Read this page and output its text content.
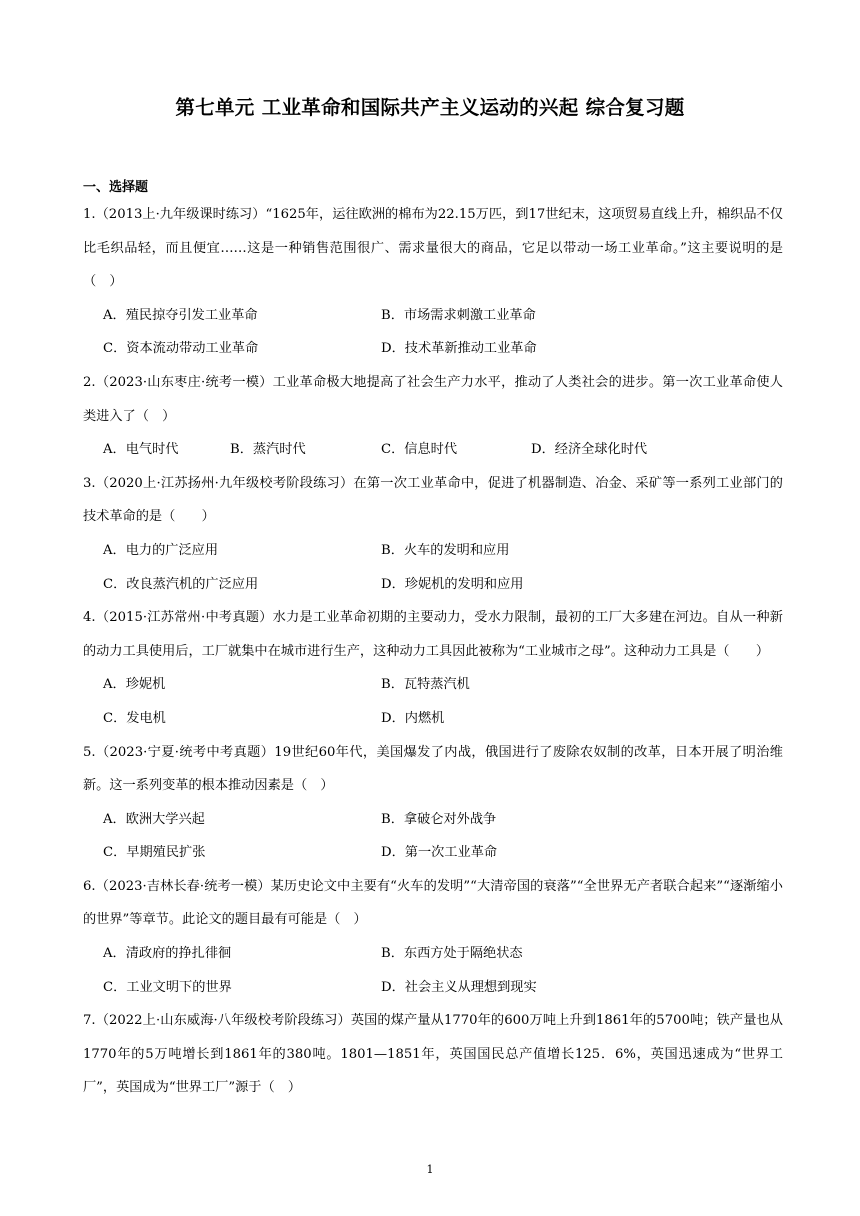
第七单元 工业革命和国际共产主义运动的兴起 综合复习题
一、选择题

1.（2013上·九年级课时练习）“1625年，运往欧洲的棉布为22.15万匹，到17世纪末，这项贸易直线上升，棉织品不仅比毛织品轻，而且便宜……这是一种销售范围很广、需求量很大的商品，它足以带动一场工业革命。”这主要说明的是（　）

A．殖民掠夺引发工业革命	B．市场需求刺激工业革命
C．资本流动带动工业革命	D．技术革新推动工业革命

2.（2023·山东枣庄·统考一模）工业革命极大地提高了社会生产力水平，推动了人类社会的进步。第一次工业革命使人类进入了（　）

A．电气时代	B．蒸汽时代	C．信息时代	D．经济全球化时代

3.（2020上·江苏扬州·九年级校考阶段练习）在第一次工业革命中，促进了机器制造、冶金、采矿等一系列工业部门的技术革命的是（　　）

A．电力的广泛应用	B．火车的发明和应用
C．改良蒸汽机的广泛应用	D．珍妮机的发明和应用

4.（2015·江苏常州·中考真题）水力是工业革命初期的主要动力，受水力限制，最初的工厂大多建在河边。自从一种新的动力工具使用后，工厂就集中在城市进行生产，这种动力工具因此被称为“工业城市之母”。这种动力工具是（　　）

A．珍妮机	B．瓦特蒸汽机
C．发电机	D．内燃机

5.（2023·宁夏·统考中考真题）19世纪60年代，美国爆发了内战，俄国进行了废除农奴制的改革，日本开展了明治维新。这一系列变革的根本推动因素是（　）

A．欧洲大学兴起	B．拿破仑对外战争
C．早期殖民扩张	D．第一次工业革命

6.（2023·吉林长春·统考一模）某历史论文中主要有“火车的发明”“大清帝国的衰落”“全世界无产者联合起来”“逐渐缩小的世界”等章节。此论文的题目最有可能是（　）

A．清政府的挣扎徘徊	B．东西方处于隔绝状态
C．工业文明下的世界	D．社会主义从理想到现实

7.（2022上·山东威海·八年级校考阶段练习）英国的煤产量从1770年的600万吨上升到1861年的5700吨；铁产量也从1770年的5万吨增长到1861年的380吨。1801—1851年，英国国民总产值增长125．6%，英国迅速成为“世界工厂”，英国成为“世界工厂”源于（　）

1
